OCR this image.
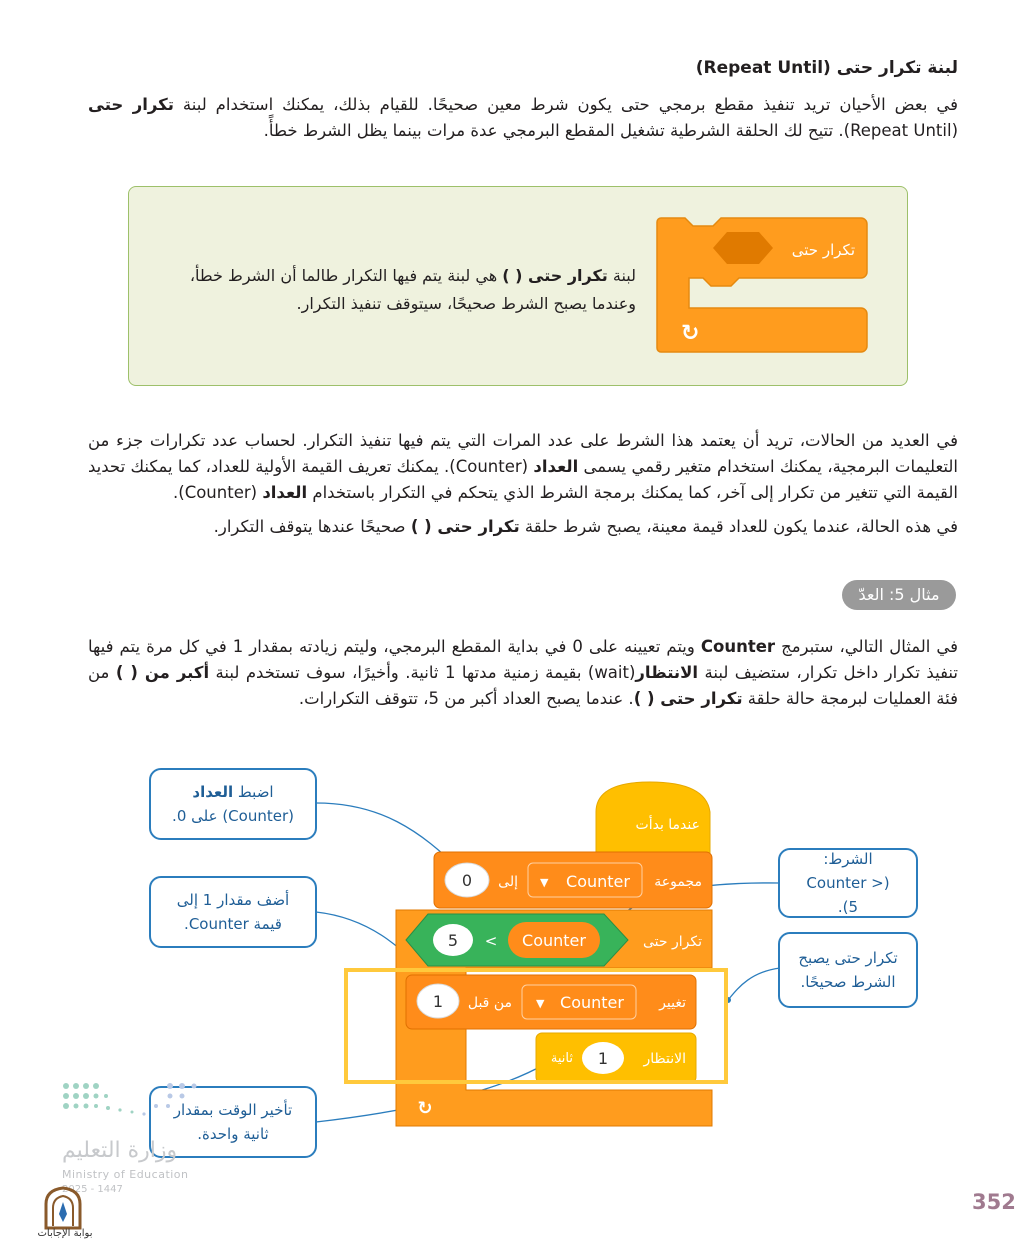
لبنة تكرار حتى (Repeat Until)
في بعض الأحيان تريد تنفيذ مقطع برمجي حتى يكون شرط معين صحيحًا. للقيام بذلك، يمكنك استخدام لبنة تكرار حتى (Repeat Until). تتيح لك الحلقة الشرطية تشغيل المقطع البرمجي عدة مرات بينما يظل الشرط خطأً.
تكرار حتى
↻
لبنة تكرار حتى ( ) هي لبنة يتم فيها التكرار طالما أن الشرط خطأ، وعندما يصبح الشرط صحيحًا، سيتوقف تنفيذ التكرار.
في العديد من الحالات، تريد أن يعتمد هذا الشرط على عدد المرات التي يتم فيها تنفيذ التكرار. لحساب عدد تكرارات جزء من التعليمات البرمجية، يمكنك استخدام متغير رقمي يسمى العداد (Counter). يمكنك تعريف القيمة الأولية للعداد، كما يمكنك تحديد القيمة التي تتغير من تكرار إلى آخر، كما يمكنك برمجة الشرط الذي يتحكم في التكرار باستخدام العداد (Counter).
في هذه الحالة، عندما يكون للعداد قيمة معينة، يصبح شرط حلقة تكرار حتى ( ) صحيحًا عندها يتوقف التكرار.
مثال 5: العدّ
في المثال التالي، ستبرمج Counter ويتم تعيينه على 0 في بداية المقطع البرمجي، وليتم زيادته بمقدار 1 في كل مرة يتم فيها تنفيذ تكرار داخل تكرار، ستضيف لبنة الانتظار(wait) بقيمة زمنية مدتها 1 ثانية. وأخيرًا، سوف تستخدم لبنة أكبر من ( ) من فئة العمليات لبرمجة حالة حلقة تكرار حتى ( ). عندما يصبح العداد أكبر من 5، تتوقف التكرارات.
عندما بدأت
مجموعة
▼ Counter
إلى
0
تكرار حتى
5 < Counter
↻
تغيير
▼ Counter
من قبل
1
الانتظار
1
ثانية
اضبط العداد
(Counter) على 0.
أضف مقدار 1 إلى قيمة Counter.
تأخير الوقت بمقدار ثانية واحدة.
الشرط: (Counter > 5).
تكرار حتى يصبح الشرط صحيحًا.
وزارة التعليم
Ministry of Education
2025 - 1447
بوابة الإجابات
352
